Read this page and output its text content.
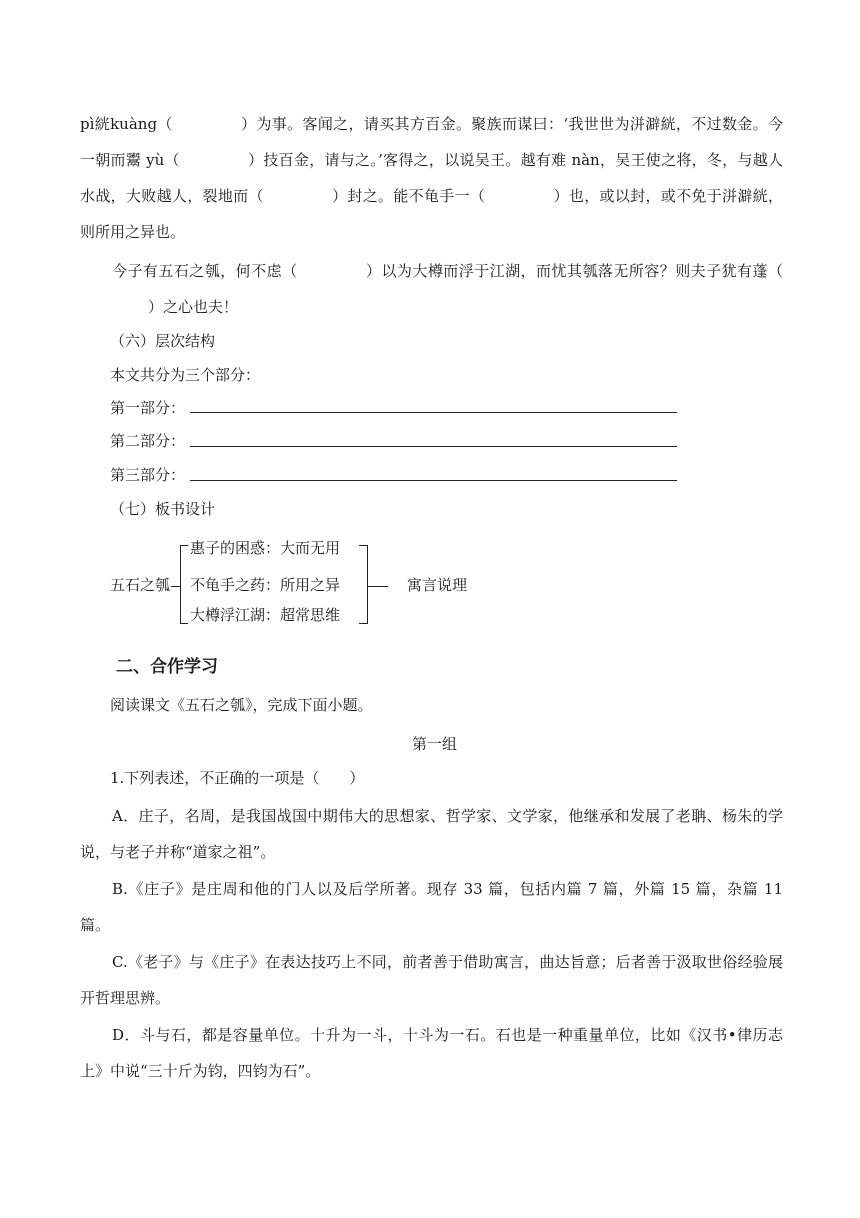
pì絖kuàng（	）为事。客闻之，请买其方百金。聚族而谋曰：‘我世世为洴澼絖，不过数金。今一朝而鬻 yù（	）技百金，请与之。’客得之，以说吴王。越有难 nàn，吴王使之将，冬，与越人水战，大败越人，裂地而（	）封之。能不龟手一（	）也，或以封，或不免于洴澼絖，则所用之异也。
今子有五石之瓠，何不虑（	）以为大樽而浮于江湖，而忧其瓠落无所容？则夫子犹有蓬（）之心也夫！
（六）层次结构
本文共分为三个部分：
第一部分：
第二部分：
第三部分：
（七）板书设计
五石之瓠
惠子的困惑：大而无用
不龟手之药：所用之异
大樽浮江湖：超常思维
寓言说理
二、合作学习
阅读课文《五石之瓠》，完成下面小题。
第一组
1.下列表述，不正确的一项是（　　）
A．庄子，名周，是我国战国中期伟大的思想家、哲学家、文学家，他继承和发展了老聃、杨朱的学说，与老子并称“道家之祖”。
B.《庄子》是庄周和他的门人以及后学所著。现存 33 篇，包括内篇 7 篇，外篇 15 篇，杂篇 11 篇。
C.《老子》与《庄子》在表达技巧上不同，前者善于借助寓言，曲达旨意；后者善于汲取世俗经验展开哲理思辨。
D．斗与石，都是容量单位。十升为一斗，十斗为一石。石也是一种重量单位，比如《汉书•律历志上》中说“三十斤为钧，四钧为石”。
